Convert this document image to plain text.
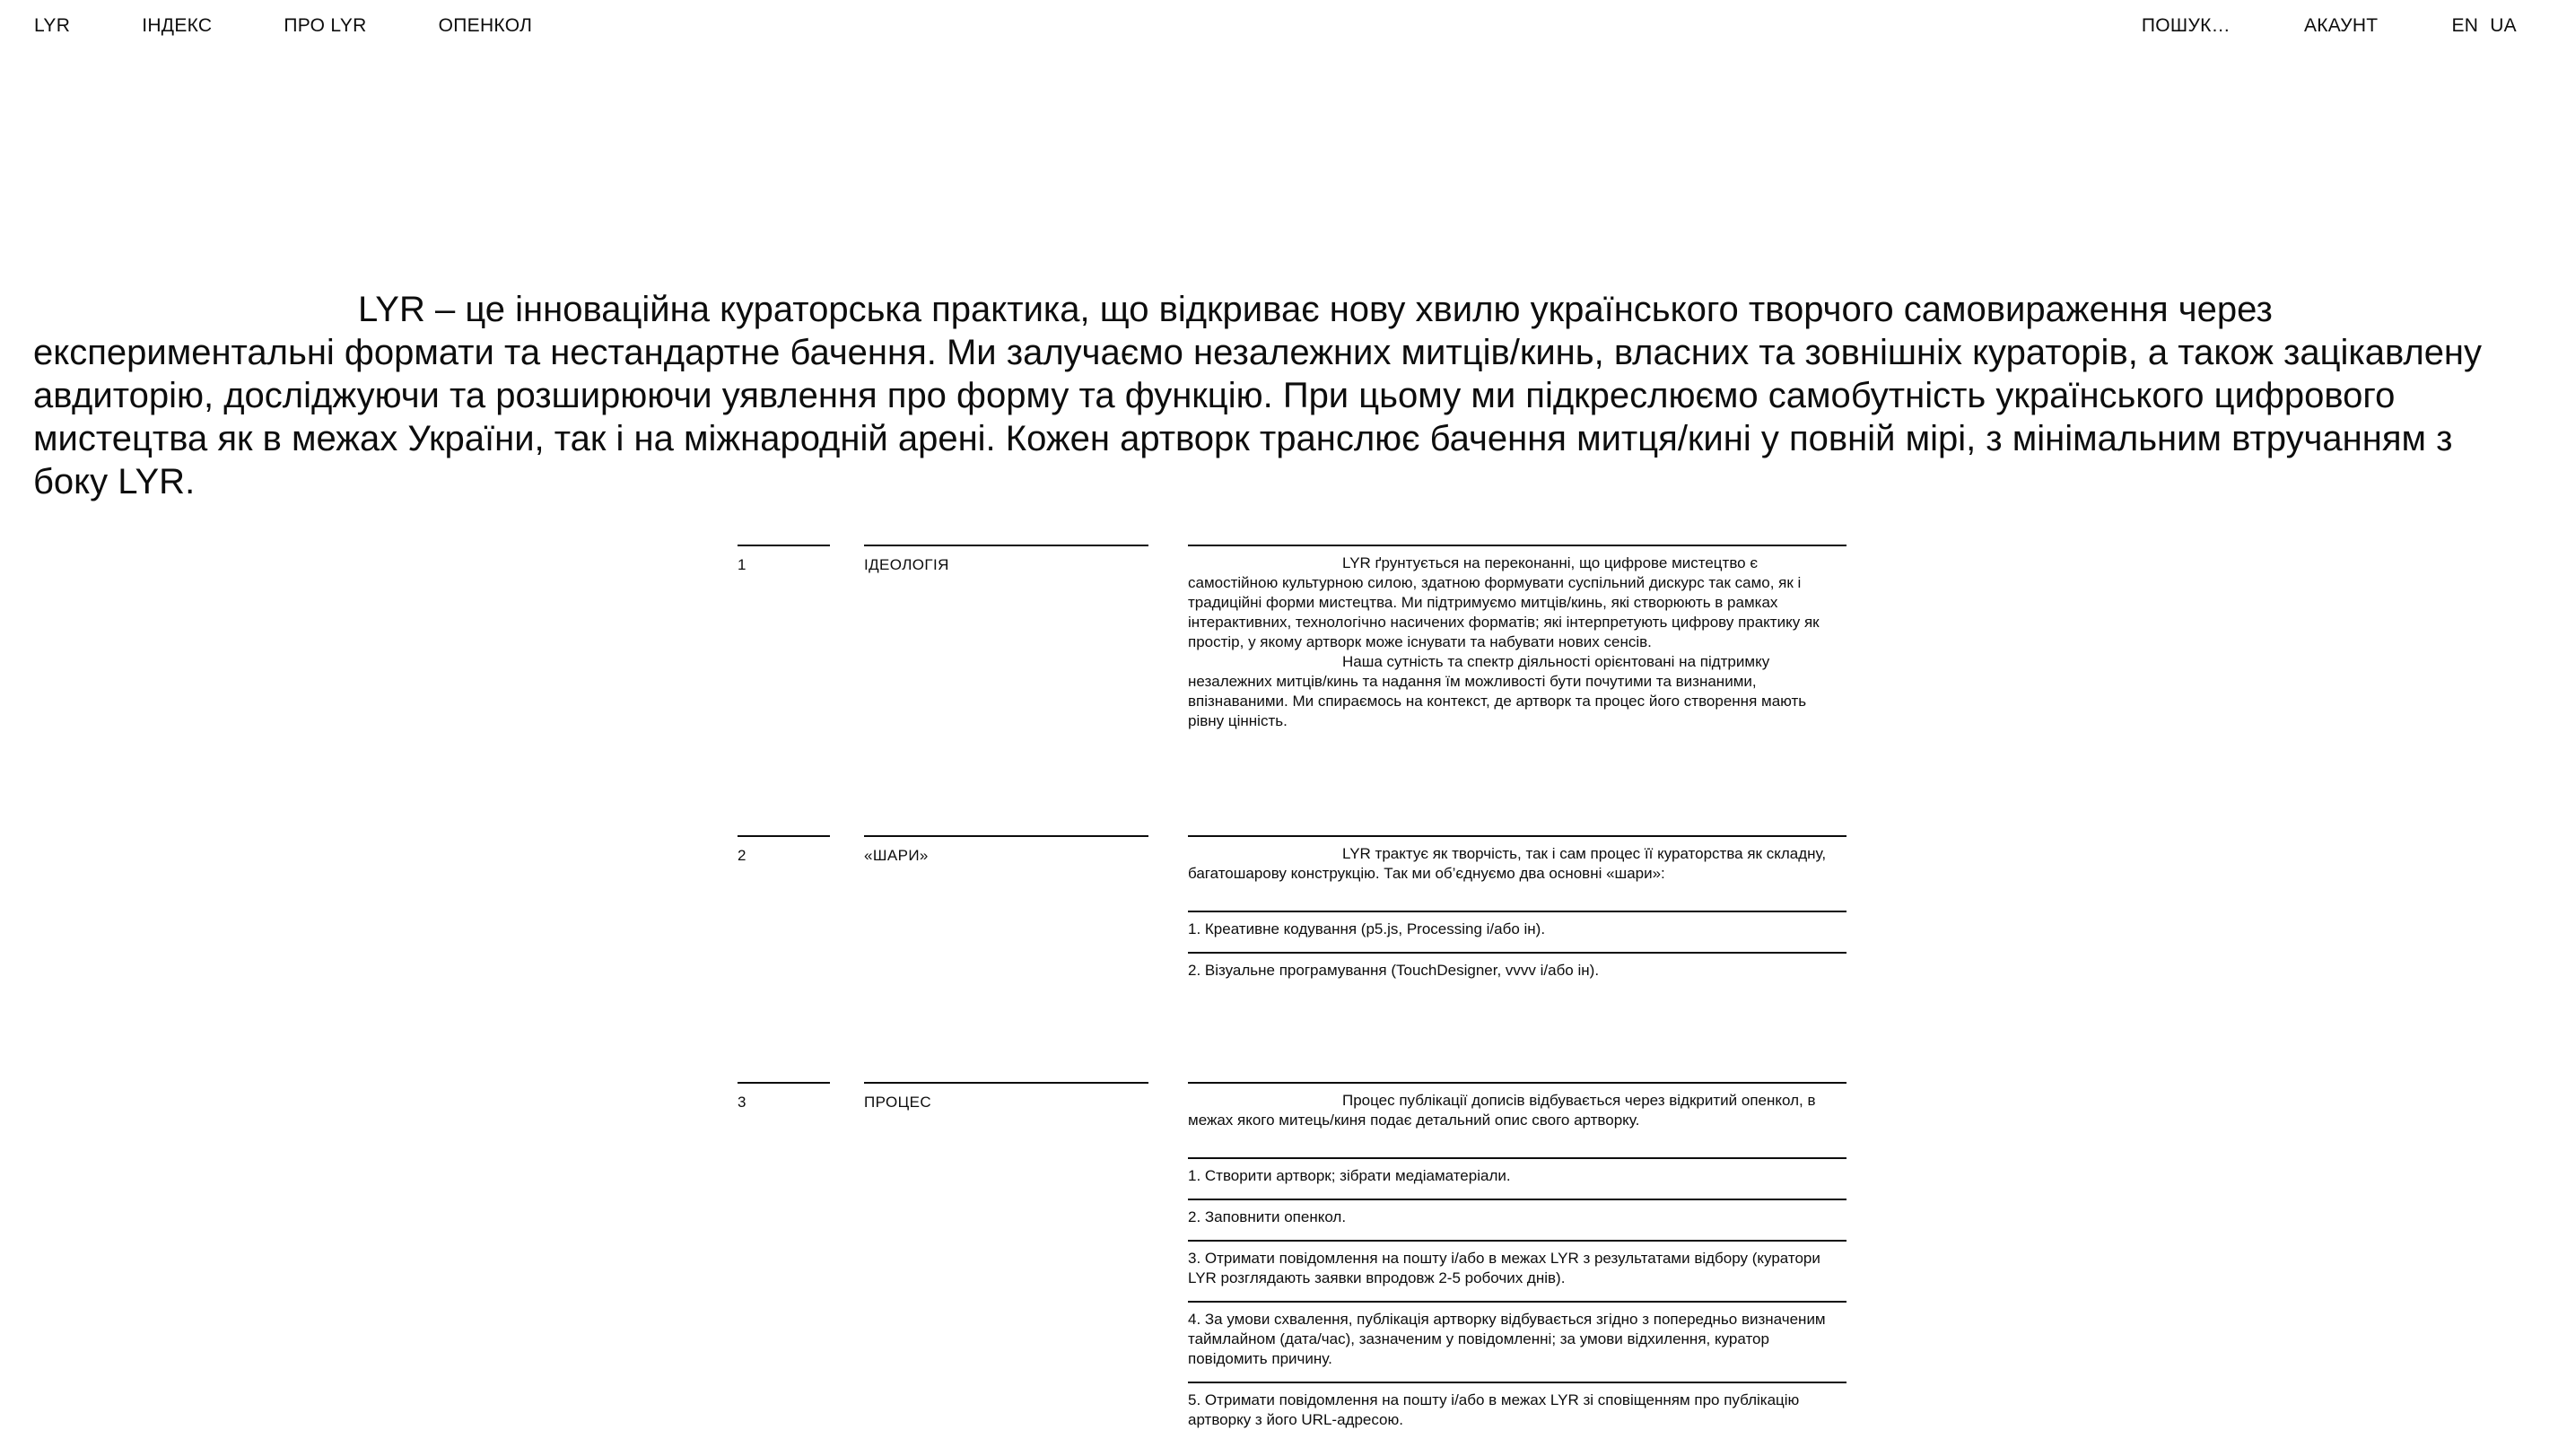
LYR	ІНДЕКС	ПРО LYR	ОПЕНКОЛ	ПОШУК…	АКАУНТ	EN UA

LYR – це інноваційна кураторська практика, що відкриває нову хвилю українського творчого самовираження через експериментальні формати та нестандартне бачення. Ми залучаємо незалежних митців/кинь, власних та зовнішніх кураторів, а також зацікавлену авдиторію, досліджуючи та розширюючи уявлення про форму та функцію. При цьому ми підкреслюємо самобутність українського цифрового мистецтва як в межах України, так і на міжнародній арені. Кожен артворк транслює бачення митця/кині у повній мірі, з мінімальним втручанням з боку LYR.

1	ІДЕОЛОГІЯ	LYR ґрунтується на переконанні, що цифрове мистецтво є самостійною культурною силою, здатною формувати суспільний дискурс так само, як і традиційні форми мистецтва. Ми підтримуємо митців/кинь, які створюють в рамках інтерактивних, технологічно насичених форматів; які інтерпретують цифрову практику як простір, у якому артворк може існувати та набувати нових сенсів.

Наша сутність та спектр діяльності орієнтовані на підтримку незалежних митців/кинь та надання їм можливості бути почутими та визнаними, впізнаваними. Ми спираємось на контекст, де артворк та процес його створення мають рівну цінність.

2	«ШАРИ»	LYR трактує як творчість, так і сам процес її кураторства як складну, багатошарову конструкцію. Так ми об’єднуємо два основні «шари»:

1. Креативне кодування (p5.js, Processing і/або ін).
2. Візуальне програмування (TouchDesigner, vvvv і/або ін).
3	ПРОЦЕС	Процес публікації дописів відбувається через відкритий опенкол, в межах якого митець/киня подає детальний опис свого артворку.

1. Створити артворк; зібрати медіаматеріали.
2. Заповнити опенкол.
3. Отримати повідомлення на пошту і/або в межах LYR з результатами відбору (куратори LYR розглядають заявки впродовж 2-5 робочих днів).
4. За умови схвалення, публікація артворку відбувається згідно з попередньо визначеним таймлайном (дата/час), зазначеним у повідомленні; за умови відхилення, куратор повідомить причину.
5. Отримати повідомлення на пошту і/або в межах LYR зі сповіщенням про публікацію артворку з його URL-адресою.
